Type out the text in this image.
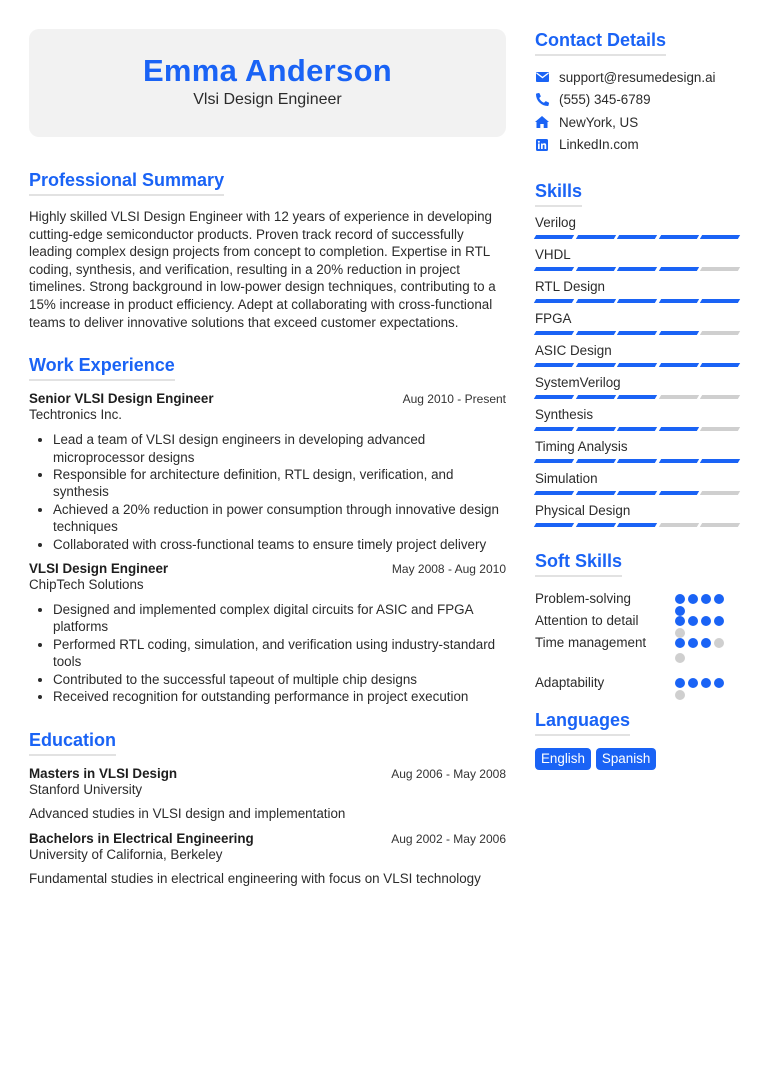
Emma Anderson
Vlsi Design Engineer
Professional Summary

Highly skilled VLSI Design Engineer with 12 years of experience in developing cutting-edge semiconductor products. Proven track record of successfully leading complex design projects from concept to completion. Expertise in RTL coding, synthesis, and verification, resulting in a 20% reduction in project timelines. Strong background in low-power design techniques, contributing to a 15% increase in product efficiency. Adept at collaborating with cross-functional teams to deliver innovative solutions that exceed customer expectations.

Work Experience
Senior VLSI Design Engineer	Aug 2010 - Present
Techtronics Inc.
• Lead a team of VLSI design engineers in developing advanced microprocessor designs
• Responsible for architecture definition, RTL design, verification, and synthesis
• Achieved a 20% reduction in power consumption through innovative design techniques
• Collaborated with cross-functional teams to ensure timely project delivery
VLSI Design Engineer	May 2008 - Aug 2010
ChipTech Solutions
• Designed and implemented complex digital circuits for ASIC and FPGA platforms
• Performed RTL coding, simulation, and verification using industry-standard tools
• Contributed to the successful tapeout of multiple chip designs
• Received recognition for outstanding performance in project execution
Education
Masters in VLSI Design	Aug 2006 - May 2008
Stanford University
Advanced studies in VLSI design and implementation
Bachelors in Electrical Engineering	Aug 2002 - May 2006
University of California, Berkeley
Fundamental studies in electrical engineering with focus on VLSI technology
Contact Details
support@resumedesign.ai
(555) 345-6789
NewYork, US
LinkedIn.com
Skills
Verilog
VHDL
RTL Design
FPGA
ASIC Design
SystemVerilog
Synthesis
Timing Analysis
Simulation
Physical Design
Soft Skills
Problem-solving
Attention to detail
Time management
Adaptability
Languages
English	Spanish
